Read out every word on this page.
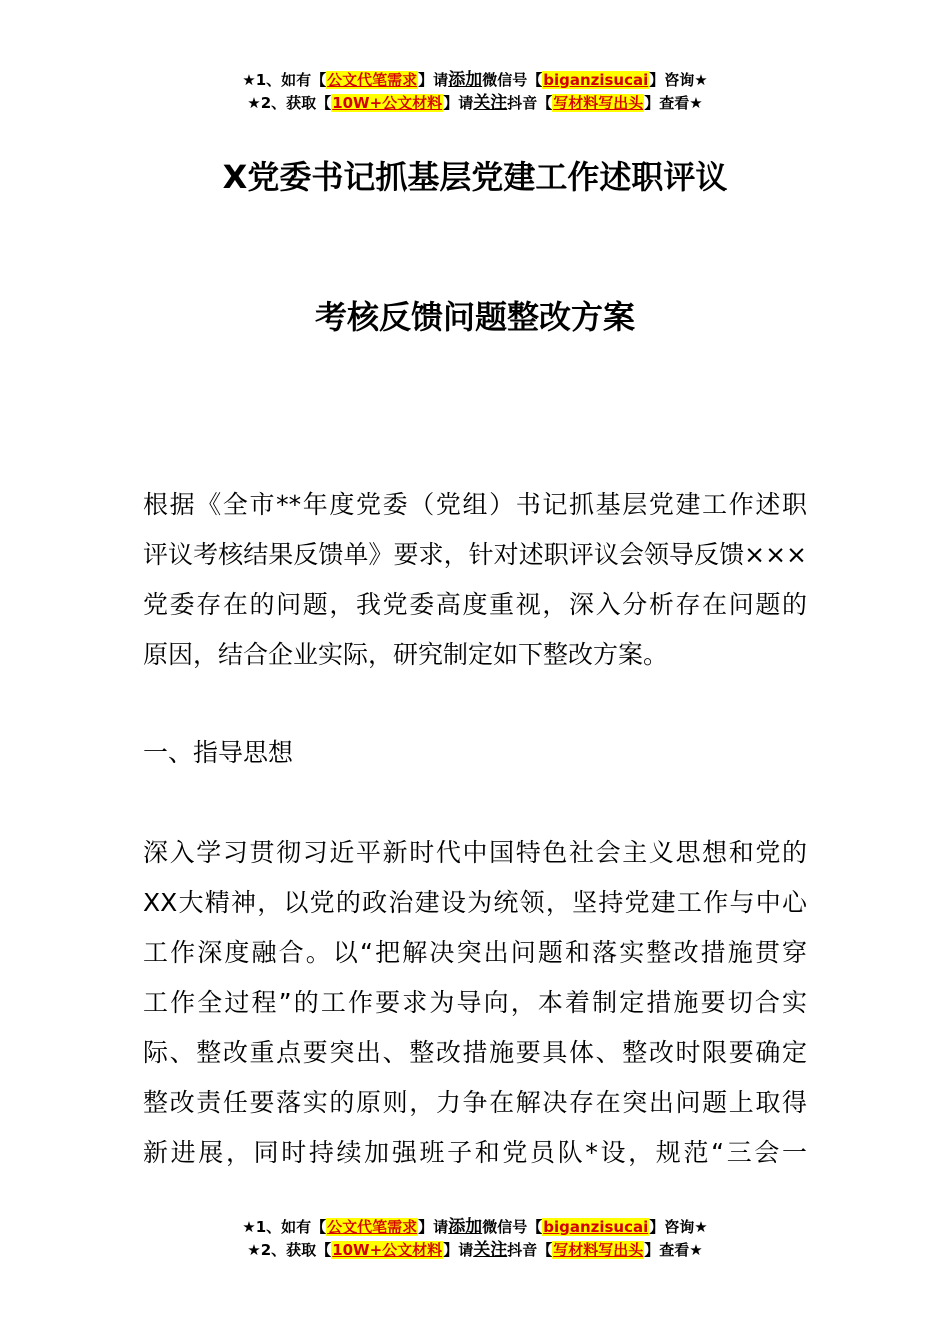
★1、如有【公文代笔需求】请添加微信号【biganzisucai】咨询★
★2、获取【10W+公文材料】请关注抖音【写材料写出头】查看★
X党委书记抓基层党建工作述职评议
考核反馈问题整改方案
根据《全市**年度党委（党组）书记抓基层党建工作述职
评议考核结果反馈单》要求，针对述职评议会领导反馈×××
党委存在的问题，我党委高度重视，深入分析存在问题的
原因，结合企业实际，研究制定如下整改方案。
一、指导思想
深入学习贯彻习近平新时代中国特色社会主义思想和党的
XX大精神，以党的政治建设为统领，坚持党建工作与中心
工作深度融合。以“把解决突出问题和落实整改措施贯穿
工作全过程”的工作要求为导向，本着制定措施要切合实
际、整改重点要突出、整改措施要具体、整改时限要确定
整改责任要落实的原则，力争在解决存在突出问题上取得
新进展，同时持续加强班子和党员队*设，规范“三会一
★1、如有【公文代笔需求】请添加微信号【biganzisucai】咨询★
★2、获取【10W+公文材料】请关注抖音【写材料写出头】查看★
